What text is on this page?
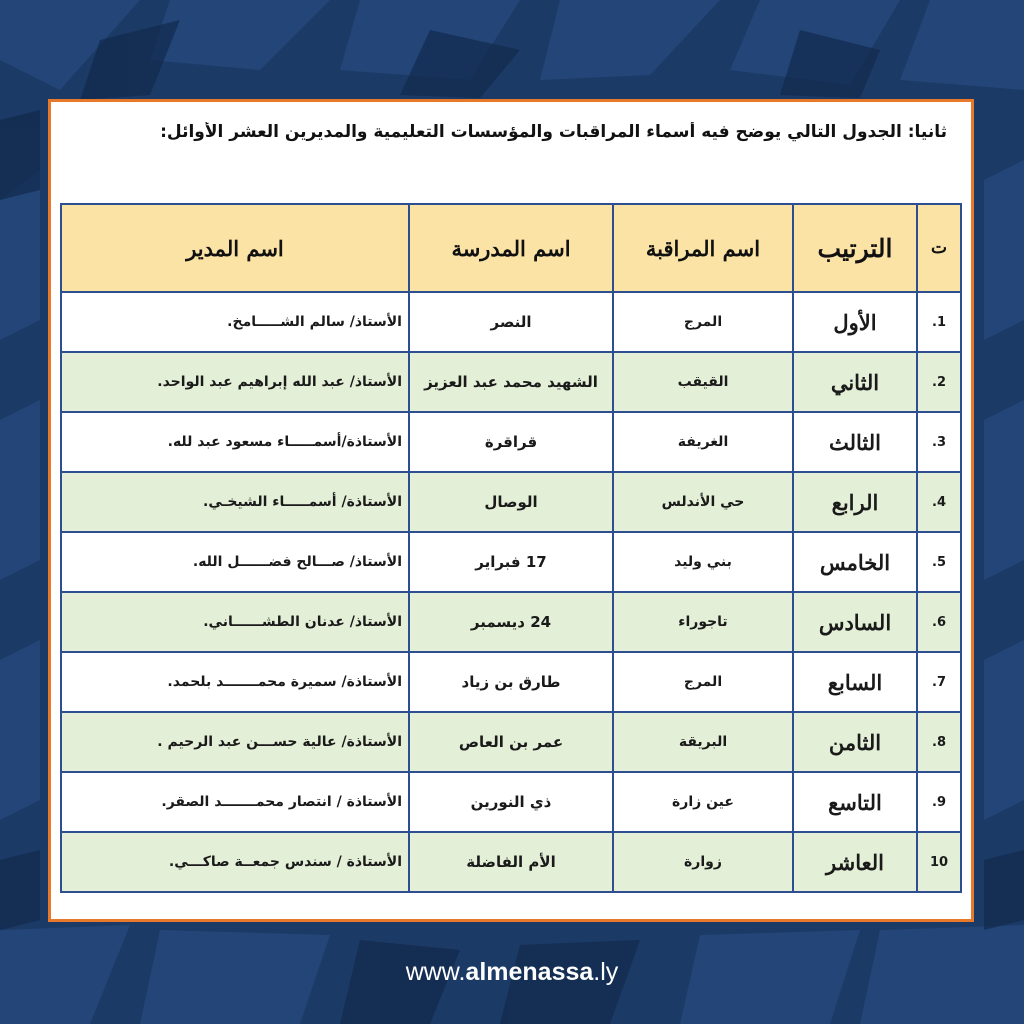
ثانيا: الجدول التالي يوضح فيه أسماء المراقبات والمؤسسات التعليمية والمديرين العشر الأوائل:
ت	الترتيب	اسم المراقبة	اسم المدرسة	اسم المدير
1.	الأول	المرج	النصر	الأستاذ/ سالم الشـــــامخ.
2.	الثاني	القيقب	الشهيد محمد عبد العزيز	الأستاذ/ عبد الله إبراهيم عبد الواحد.
3.	الثالث	الغريفة	قراقرة	الأستاذة/أسمـــــاء مسعود عبد لله.
4.	الرابع	حي الأندلس	الوصال	الأستاذة/ أسمـــــاء الشيخـي.
5.	الخامس	بني وليد	17 فبراير	الأستاذ/ صـــالح فضــــــل الله.
6.	السادس	تاجوراء	24 ديسمبر	الأستاذ/ عدنان الطشــــــاني.
7.	السابع	المرج	طارق بن زياد	الأستاذة/ سميرة محمـــــــد بلحمد.
8.	الثامن	البريقة	عمر بن العاص	الأستاذة/ عالية حســـن عبد الرحيم .
9.	التاسع	عين زارة	ذي النورين	الأستاذة / انتصار محمـــــــد الصقر.
10	العاشر	زوارة	الأم الفاضلة	الأستاذة / سندس جمعــة صاكـــي.
www.almenassa.ly
